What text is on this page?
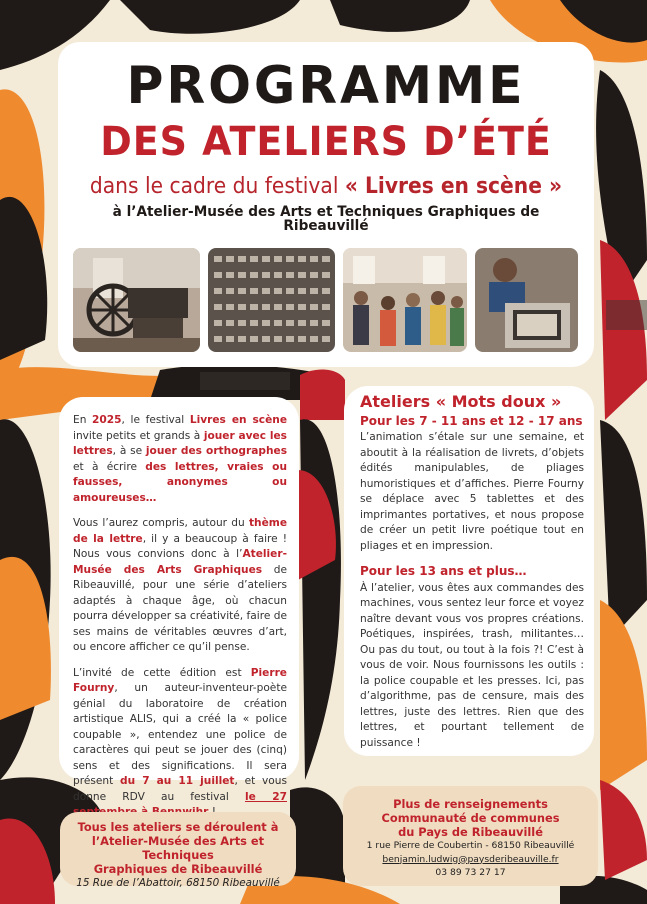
PROGRAMME
DES ATELIERS D’ÉTÉ
dans le cadre du festival « Livres en scène »
à l’Atelier-Musée des Arts et Techniques Graphiques de Ribeauvillé

En 2025, le festival Livres en scène invite petits et grands à jouer avec les lettres, à se jouer des orthographes et à écrire des lettres, vraies ou fausses, anonymes ou amoureuses…

Vous l’aurez compris, autour du thème de la lettre, il y a beaucoup à faire ! Nous vous convions donc à l’Atelier-Musée des Arts Graphiques de Ribeauvillé, pour une série d’ateliers adaptés à chaque âge, où chacun pourra développer sa créativité, faire de ses mains de véritables œuvres d’art, ou encore afficher ce qu’il pense.

L’invité de cette édition est Pierre Fourny, un auteur-inventeur-poète génial du laboratoire de création artistique ALIS, qui a créé la « police coupable », entendez une police de caractères qui peut se jouer des (cinq) sens et des significations. Il sera présent du 7 au 11 juillet, et vous donne RDV au festival le 27

Ateliers « Mots doux »
Pour les 7 - 11 ans et 12 - 17 ans

L’animation s’étale sur une semaine, et aboutit à la réalisation de livrets, d’objets édités manipulables, de pliages humoristiques et d’affiches. Pierre Fourny se déplace avec 5 tablettes et des imprimantes portatives, et nous propose de créer un petit livre poétique tout en pliages et en impression.

Pour les 13 ans et plus…

À l’atelier, vous êtes aux commandes des machines, vous sentez leur force et voyez naître devant vous vos propres créations. Poétiques, inspirées, trash, militantes… Ou pas du tout, ou tout à la fois ?! C’est à vous de voir. Nous fournissons les outils : la police coupable et les presses. Ici, pas d’algorithme, pas de censure, mais des lettres, juste des lettres. Rien que des lettres, et pourtant tellement de puissance !

Tous les ateliers se déroulent à
l’Atelier-Musée des Arts et Techniques
Graphiques de Ribeauvillé
15 Rue de l’Abattoir, 68150 Ribeauvillé
Plus de renseignements
Communauté de communes
du Pays de Ribeauvillé
1 rue Pierre de Coubertin - 68150 Ribeauvillé
benjamin.ludwig@paysderibeauville.fr
03 89 73 27 17
